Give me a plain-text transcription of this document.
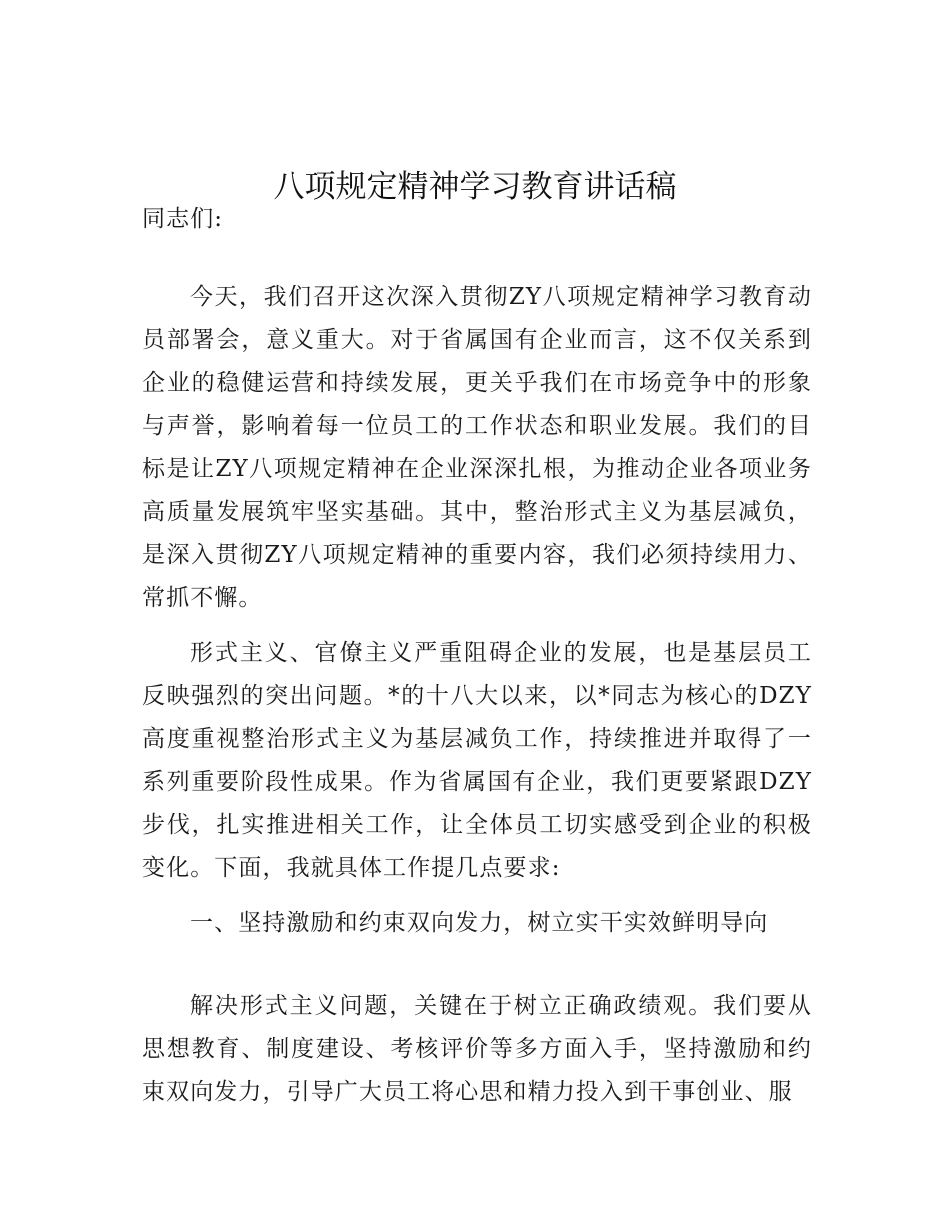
八项规定精神学习教育讲话稿

同志们:

今天，我们召开这次深入贯彻ZY八项规定精神学习教育动员部署会，意义重大。对于省属国有企业而言，这不仅关系到企业的稳健运营和持续发展，更关乎我们在市场竞争中的形象与声誉，影响着每一位员工的工作状态和职业发展。我们的目标是让ZY八项规定精神在企业深深扎根，为推动企业各项业务高质量发展筑牢坚实基础。其中，整治形式主义为基层减负，是深入贯彻ZY八项规定精神的重要内容，我们必须持续用力、常抓不懈。

形式主义、官僚主义严重阻碍企业的发展，也是基层员工反映强烈的突出问题。*的十八大以来，以*同志为核心的DZY高度重视整治形式主义为基层减负工作，持续推进并取得了一系列重要阶段性成果。作为省属国有企业，我们更要紧跟DZY步伐，扎实推进相关工作，让全体员工切实感受到企业的积极变化。下面，我就具体工作提几点要求:

一、坚持激励和约束双向发力，树立实干实效鲜明导向

解决形式主义问题，关键在于树立正确政绩观。我们要从思想教育、制度建设、考核评价等多方面入手，坚持激励和约束双向发力，引导广大员工将心思和精力投入到干事创业、服
